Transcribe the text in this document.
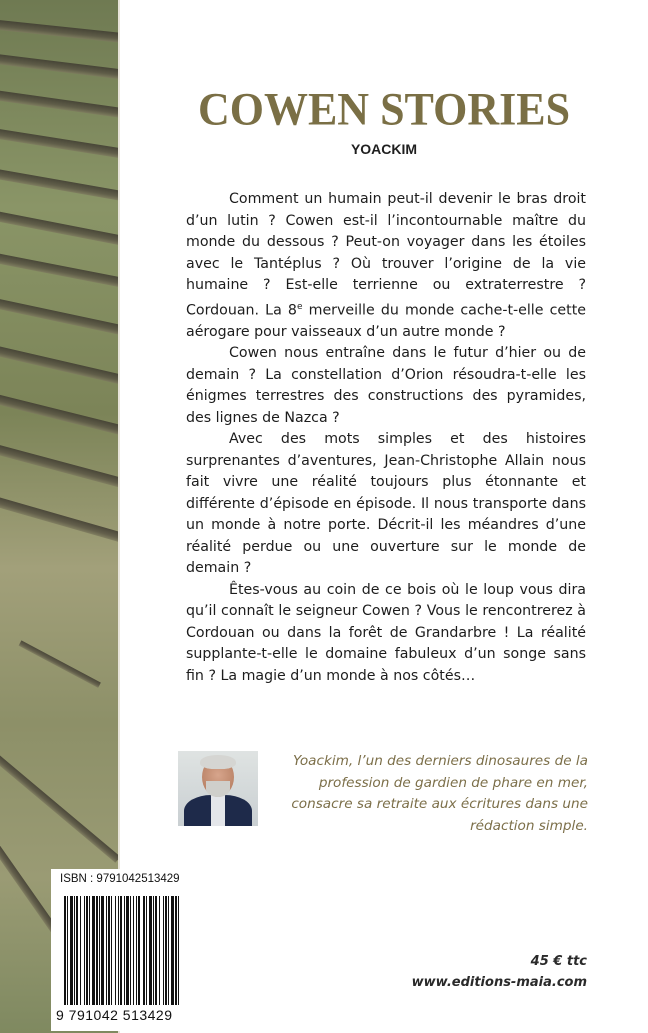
COWEN STORIES
YOACKIM

Comment un humain peut-il devenir le bras droit d’un lutin ? Cowen est-il l’incontournable maître du monde du dessous ? Peut-on voyager dans les étoiles avec le Tantéplus ? Où trouver l’origine de la vie humaine ? Est-elle terrienne ou extraterrestre ? Cordouan. La 8e merveille du monde cache-t-elle cette aérogare pour vaisseaux d’un autre monde ?

Cowen nous entraîne dans le futur d’hier ou de demain ? La constellation d’Orion résoudra-t-elle les énigmes terrestres des constructions des pyramides, des lignes de Nazca ?

Avec des mots simples et des histoires surprenantes d’aventures, Jean-Christophe Allain nous fait vivre une réalité toujours plus étonnante et différente d’épisode en épisode. Il nous transporte dans un monde à notre porte. Décrit-il les méandres d’une réalité perdue ou une ouverture sur le monde de demain ?

Êtes-vous au coin de ce bois où le loup vous dira qu’il connaît le seigneur Cowen ? Vous le rencontrerez à Cordouan ou dans la forêt de Grandarbre ! La réalité supplante-t-elle le domaine fabuleux d’un songe sans fin ? La magie d’un monde à nos côtés…

Yoackim, l’un des derniers dinosaures de la profession de gardien de phare en mer, consacre sa retraite aux écritures dans une rédaction simple.
ISBN : 9791042513429
9 791042 513429
45 € ttc
www.editions-maia.com
